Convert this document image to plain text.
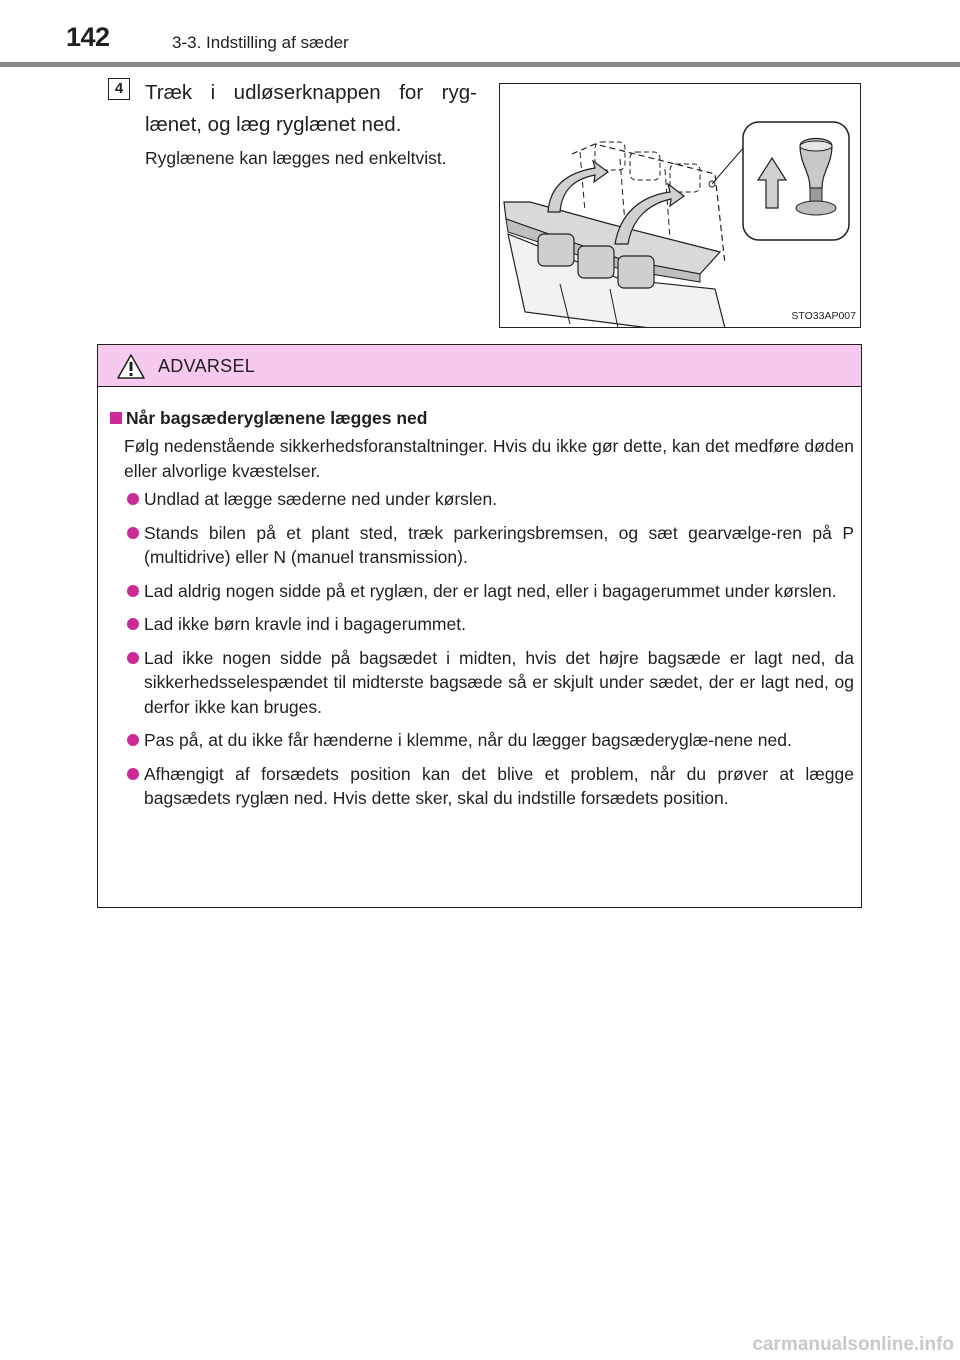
142	3-3. Indstilling af sæder
4	Træk i udløserknappen for ryg-lænet, og læg ryglænet ned.
Ryglænene kan lægges ned enkeltvist.
STO33AP007
ADVARSEL
Når bagsæderyglænene lægges ned
Følg nedenstående sikkerhedsforanstaltninger. Hvis du ikke gør dette, kan det medføre døden eller alvorlige kvæstelser.
Undlad at lægge sæderne ned under kørslen.
Stands bilen på et plant sted, træk parkeringsbremsen, og sæt gearvælge-ren på P (multidrive) eller N (manuel transmission).
Lad aldrig nogen sidde på et ryglæn, der er lagt ned, eller i bagagerummet under kørslen.
Lad ikke børn kravle ind i bagagerummet.
Lad ikke nogen sidde på bagsædet i midten, hvis det højre bagsæde er lagt ned, da sikkerhedsselespændet til midterste bagsæde så er skjult under sædet, der er lagt ned, og derfor ikke kan bruges.
Pas på, at du ikke får hænderne i klemme, når du lægger bagsæderyglæ-nene ned.
Afhængigt af forsædets position kan det blive et problem, når du prøver at lægge bagsædets ryglæn ned. Hvis dette sker, skal du indstille forsædets position.
carmanualsonline.info
